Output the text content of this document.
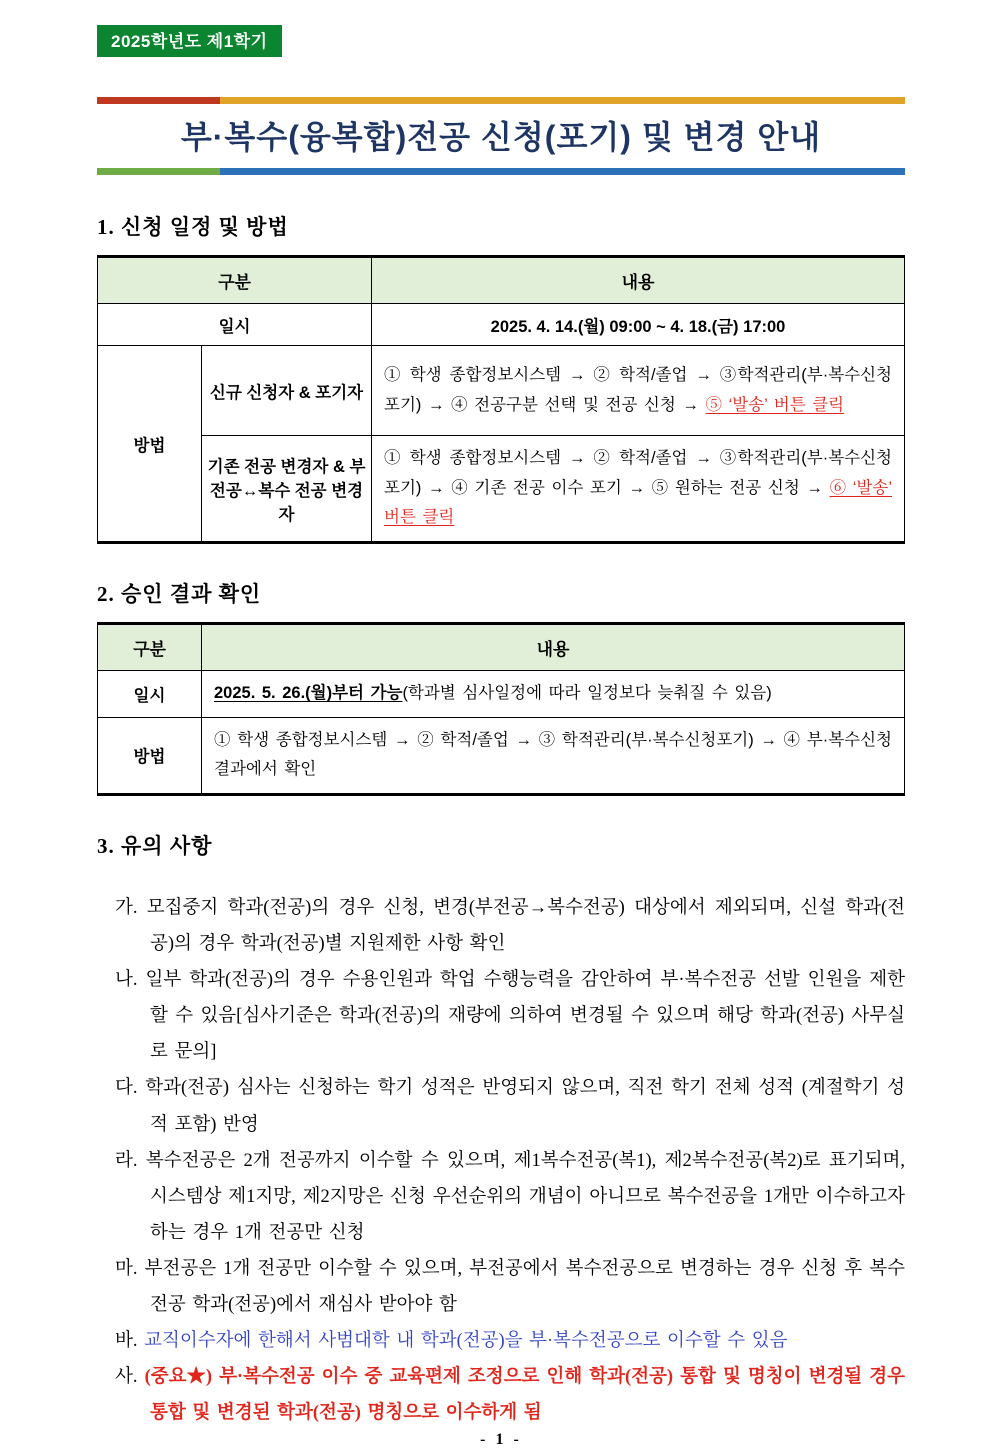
2025학년도 제1학기
부·복수(융복합)전공 신청(포기) 및 변경 안내
1. 신청 일정 및 방법
구분		내용
일시		2025. 4. 14.(월) 09:00 ~ 4. 18.(금) 17:00
방법	신규 신청자 & 포기자	① 학생 종합정보시스템 → ② 학적/졸업 → ③학적관리(부·복수신청포기) → ④ 전공구분 선택 및 전공 신청 → ⑤ ‘발송’ 버튼 클릭
	기존 전공 변경자 & 부전공↔복수 전공 변경자	① 학생 종합정보시스템 → ② 학적/졸업 → ③학적관리(부·복수신청포기) → ④ 기존 전공 이수 포기 → ⑤ 원하는 전공 신청 → ⑥ ‘발송’ 버튼 클릭
2. 승인 결과 확인
구분	내용
일시	2025. 5. 26.(월)부터 가능(학과별 심사일정에 따라 일정보다 늦춰질 수 있음)
방법	① 학생 종합정보시스템 → ② 학적/졸업 → ③ 학적관리(부·복수신청포기) → ④ 부·복수신청결과에서 확인
3. 유의 사항
가. 모집중지 학과(전공)의 경우 신청, 변경(부전공→복수전공) 대상에서 제외되며, 신설 학과(전공)의 경우 학과(전공)별 지원제한 사항 확인
나. 일부 학과(전공)의 경우 수용인원과 학업 수행능력을 감안하여 부·복수전공 선발 인원을 제한할 수 있음[심사기준은 학과(전공)의 재량에 의하여 변경될 수 있으며 해당 학과(전공) 사무실로 문의]
다. 학과(전공) 심사는 신청하는 학기 성적은 반영되지 않으며, 직전 학기 전체 성적 (계절학기 성적 포함) 반영
라. 복수전공은 2개 전공까지 이수할 수 있으며, 제1복수전공(복1), 제2복수전공(복2)로 표기되며, 시스템상 제1지망, 제2지망은 신청 우선순위의 개념이 아니므로 복수전공을 1개만 이수하고자 하는 경우 1개 전공만 신청
마. 부전공은 1개 전공만 이수할 수 있으며, 부전공에서 복수전공으로 변경하는 경우 신청 후 복수전공 학과(전공)에서 재심사 받아야 함
바. 교직이수자에 한해서 사범대학 내 학과(전공)을 부·복수전공으로 이수할 수 있음
사. (중요★) 부·복수전공 이수 중 교육편제 조정으로 인해 학과(전공) 통합 및 명칭이 변경될 경우 통합 및 변경된 학과(전공) 명칭으로 이수하게 됨
- 1 -
